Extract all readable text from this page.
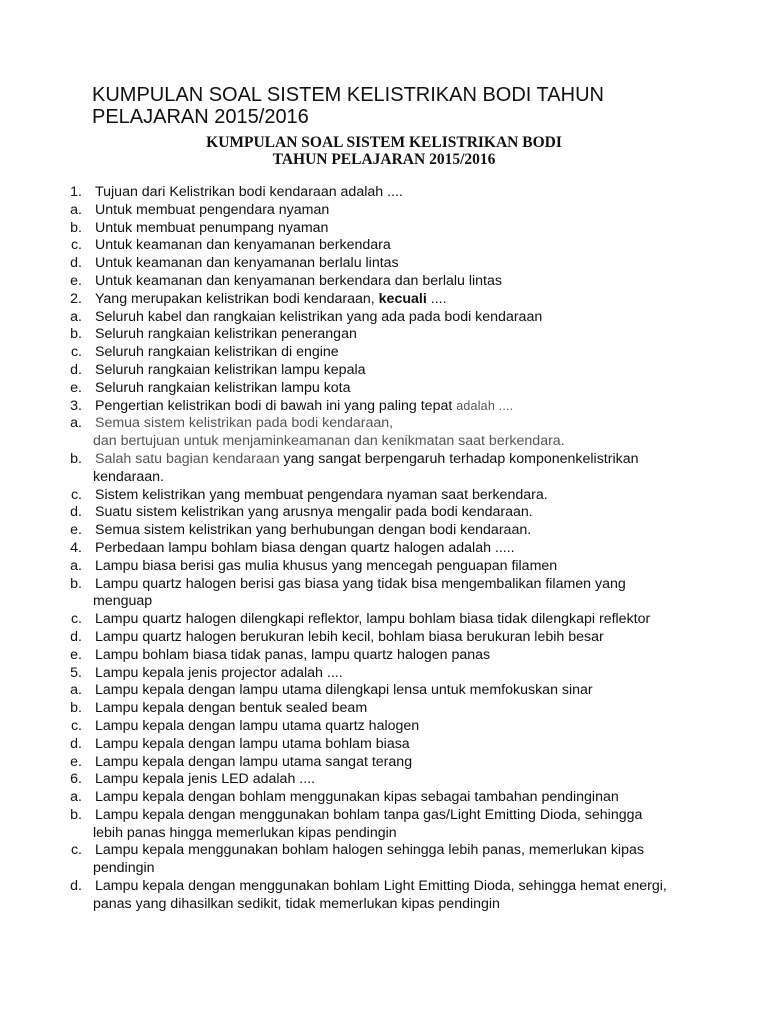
KUMPULAN SOAL SISTEM KELISTRIKAN BODI TAHUN
PELAJARAN 2015/2016
KUMPULAN SOAL SISTEM KELISTRIKAN BODI
TAHUN PELAJARAN 2015/2016
1. Tujuan dari Kelistrikan bodi kendaraan adalah ....
a. Untuk membuat pengendara nyaman
b. Untuk membuat penumpang nyaman
c. Untuk keamanan dan kenyamanan berkendara
d. Untuk keamanan dan kenyamanan berlalu lintas
e. Untuk keamanan dan kenyamanan berkendara dan berlalu lintas
2. Yang merupakan kelistrikan bodi kendaraan, kecuali ....
a. Seluruh kabel dan rangkaian kelistrikan yang ada pada bodi kendaraan
b. Seluruh rangkaian kelistrikan penerangan
c. Seluruh rangkaian kelistrikan di engine
d. Seluruh rangkaian kelistrikan lampu kepala
e. Seluruh rangkaian kelistrikan lampu kota
3. Pengertian kelistrikan bodi di bawah ini yang paling tepat adalah ....
a. Semua sistem kelistrikan pada bodi kendaraan,
dan bertujuan untuk menjaminkeamanan dan kenikmatan saat berkendara.
b. Salah satu bagian kendaraan yang sangat berpengaruh terhadap komponenkelistrikan
kendaraan.
c. Sistem kelistrikan yang membuat pengendara nyaman saat berkendara.
d. Suatu sistem kelistrikan yang arusnya mengalir pada bodi kendaraan.
e. Semua sistem kelistrikan yang berhubungan dengan bodi kendaraan.
4. Perbedaan lampu bohlam biasa dengan quartz halogen adalah .....
a. Lampu biasa berisi gas mulia khusus yang mencegah penguapan filamen
b. Lampu quartz halogen berisi gas biasa yang tidak bisa mengembalikan filamen yang
menguap
c. Lampu quartz halogen dilengkapi reflektor, lampu bohlam biasa tidak dilengkapi reflektor
d. Lampu quartz halogen berukuran lebih kecil, bohlam biasa berukuran lebih besar
e. Lampu bohlam biasa tidak panas, lampu quartz halogen panas
5. Lampu kepala jenis projector adalah ....
a. Lampu kepala dengan lampu utama dilengkapi lensa untuk memfokuskan sinar
b. Lampu kepala dengan bentuk sealed beam
c. Lampu kepala dengan lampu utama quartz halogen
d. Lampu kepala dengan lampu utama bohlam biasa
e. Lampu kepala dengan lampu utama sangat terang
6. Lampu kepala jenis LED adalah ....
a. Lampu kepala dengan bohlam menggunakan kipas sebagai tambahan pendinginan
b. Lampu kepala dengan menggunakan bohlam tanpa gas/Light Emitting Dioda, sehingga
lebih panas hingga memerlukan kipas pendingin
c. Lampu kepala menggunakan bohlam halogen sehingga lebih panas, memerlukan kipas
pendingin
d. Lampu kepala dengan menggunakan bohlam Light Emitting Dioda, sehingga hemat energi,
panas yang dihasilkan sedikit, tidak memerlukan kipas pendingin
